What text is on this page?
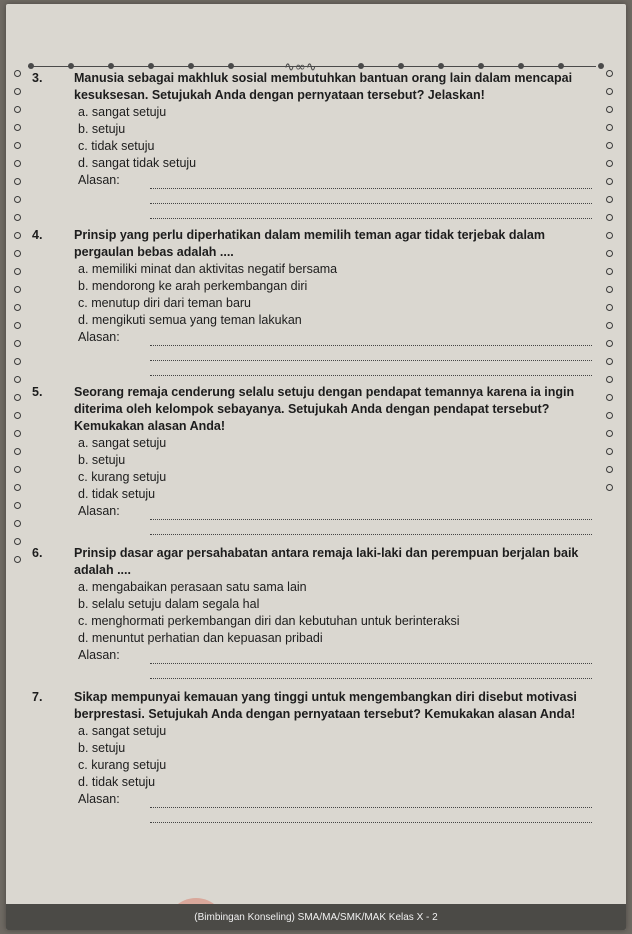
∿∞∿
3.	Manusia sebagai makhluk sosial membutuhkan bantuan orang lain dalam mencapai kesuksesan. Setujukah Anda dengan pernyataan tersebut? Jelaskan!
a. sangat setuju
b. setuju
c. tidak setuju
d. sangat tidak setuju
Alasan:
4.	Prinsip yang perlu diperhatikan dalam memilih teman agar tidak terjebak dalam pergaulan bebas adalah ....
a. memiliki minat dan aktivitas negatif bersama
b. mendorong ke arah perkembangan diri
c. menutup diri dari teman baru
d. mengikuti semua yang teman lakukan
Alasan:
5.	Seorang remaja cenderung selalu setuju dengan pendapat temannya karena ia ingin diterima oleh kelompok sebayanya. Setujukah Anda dengan pendapat tersebut? Kemukakan alasan Anda!
a. sangat setuju
b. setuju
c. kurang setuju
d. tidak setuju
Alasan:
6.	Prinsip dasar agar persahabatan antara remaja laki-laki dan perempuan berjalan baik adalah ....
a. mengabaikan perasaan satu sama lain
b. selalu setuju dalam segala hal
c. menghormati perkembangan diri dan kebutuhan untuk berinteraksi
d. menuntut perhatian dan kepuasan pribadi
Alasan:
7.	Sikap mempunyai kemauan yang tinggi untuk mengembangkan diri disebut motivasi berprestasi. Setujukah Anda dengan pernyataan tersebut? Kemukakan alasan Anda!
a. sangat setuju
b. setuju
c. kurang setuju
d. tidak setuju
Alasan:
(Bimbingan Konseling) SMA/MA/SMK/MAK Kelas X - 2
